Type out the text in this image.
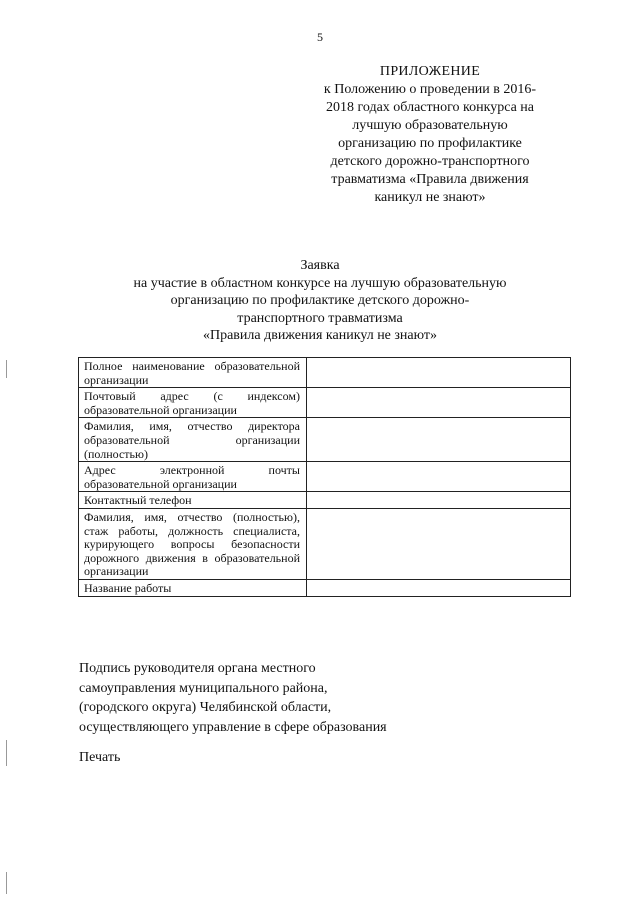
5
ПРИЛОЖЕНИЕ
к Положению о проведении в 2016-
2018 годах областного конкурса на
лучшую образовательную
организацию по профилактике
детского дорожно-транспортного
травматизма «Правила движения
каникул не знают»
Заявка
на участие в областном конкурсе на лучшую образовательную
организацию по профилактике детского дорожно-
транспортного травматизма
«Правила движения каникул не знают»
Полное наименование образовательной организации	
Почтовый адрес (с индексом) образовательной организации	
Фамилия, имя, отчество директора образовательной организации (полностью)	
Адрес электронной почты образовательной организации	
Контактный телефон	
Фамилия, имя, отчество (полностью), стаж работы, должность специалиста, курирующего вопросы безопасности дорожного движения в образовательной организации	
Название работы	
Подпись руководителя органа местного
самоуправления муниципального района,
(городского округа) Челябинской области,
осуществляющего управление в сфере образования
Печать
